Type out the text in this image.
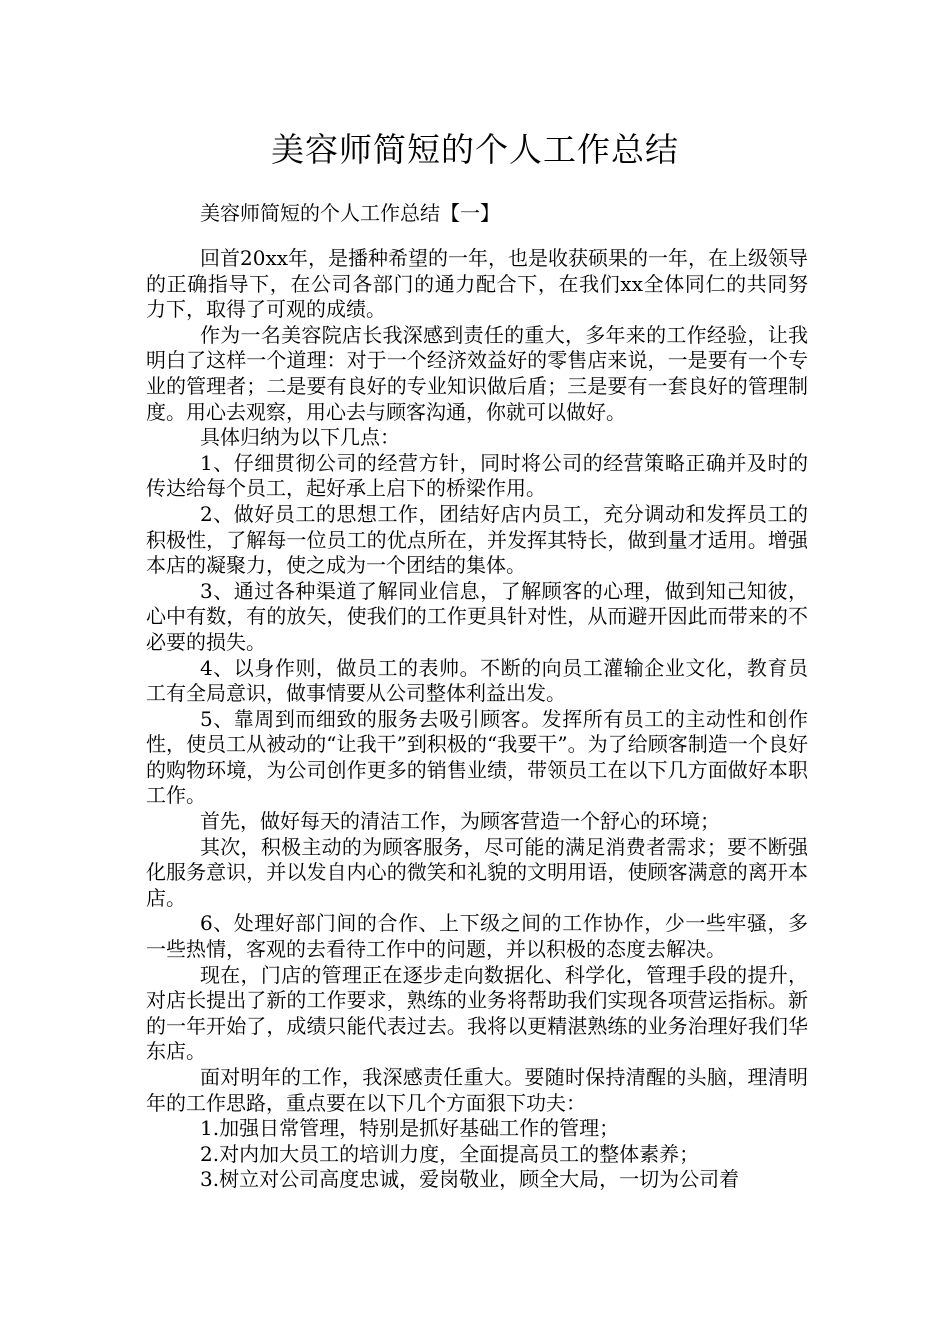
美容师简短的个人工作总结
美容师简短的个人工作总结【一】

回首20xx年，是播种希望的一年，也是收获硕果的一年，在上级领导的正确指导下，在公司各部门的通力配合下，在我们xx全体同仁的共同努力下，取得了可观的成绩。

作为一名美容院店长我深感到责任的重大，多年来的工作经验，让我明白了这样一个道理：对于一个经济效益好的零售店来说，一是要有一个专业的管理者；二是要有良好的专业知识做后盾；三是要有一套良好的管理制度。用心去观察，用心去与顾客沟通，你就可以做好。

具体归纳为以下几点：

1、仔细贯彻公司的经营方针，同时将公司的经营策略正确并及时的传达给每个员工，起好承上启下的桥梁作用。

2、做好员工的思想工作，团结好店内员工，充分调动和发挥员工的积极性，了解每一位员工的优点所在，并发挥其特长，做到量才适用。增强本店的凝聚力，使之成为一个团结的集体。

3、通过各种渠道了解同业信息，了解顾客的心理，做到知己知彼，心中有数，有的放矢，使我们的工作更具针对性，从而避开因此而带来的不必要的损失。

4、以身作则，做员工的表帅。不断的向员工灌输企业文化，教育员工有全局意识，做事情要从公司整体利益出发。

5、靠周到而细致的服务去吸引顾客。发挥所有员工的主动性和创作性，使员工从被动的“让我干”到积极的“我要干”。为了给顾客制造一个良好的购物环境，为公司创作更多的销售业绩，带领员工在以下几方面做好本职工作。

首先，做好每天的清洁工作，为顾客营造一个舒心的环境；

其次，积极主动的为顾客服务，尽可能的满足消费者需求；要不断强化服务意识，并以发自内心的微笑和礼貌的文明用语，使顾客满意的离开本店。

6、处理好部门间的合作、上下级之间的工作协作，少一些牢骚，多一些热情，客观的去看待工作中的问题，并以积极的态度去解决。

现在，门店的管理正在逐步走向数据化、科学化，管理手段的提升，对店长提出了新的工作要求，熟练的业务将帮助我们实现各项营运指标。新的一年开始了，成绩只能代表过去。我将以更精湛熟练的业务治理好我们华东店。

面对明年的工作，我深感责任重大。要随时保持清醒的头脑，理清明年的工作思路，重点要在以下几个方面狠下功夫：

1.加强日常管理，特别是抓好基础工作的管理；

2.对内加大员工的培训力度，全面提高员工的整体素养；

3.树立对公司高度忠诚，爱岗敬业，顾全大局，一切为公司着
